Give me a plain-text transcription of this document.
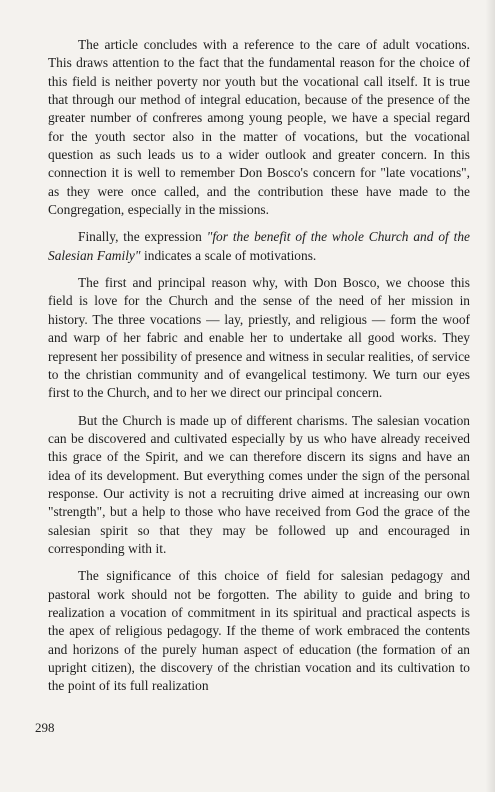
The article concludes with a reference to the care of adult vocations. This draws attention to the fact that the fundamental reason for the choice of this field is neither poverty nor youth but the vocational call itself. It is true that through our method of integral education, because of the presence of the greater number of confreres among young people, we have a special regard for the youth sector also in the matter of vocations, but the vocational question as such leads us to a wider outlook and greater concern. In this connection it is well to remember Don Bosco's concern for "late vocations", as they were once called, and the contribution these have made to the Congregation, especially in the missions.

Finally, the expression "for the benefit of the whole Church and of the Salesian Family" indicates a scale of motivations.

The first and principal reason why, with Don Bosco, we choose this field is love for the Church and the sense of the need of her mission in history. The three vocations — lay, priestly, and religious — form the woof and warp of her fabric and enable her to undertake all good works. They represent her possibility of presence and witness in secular realities, of service to the christian community and of evangelical testimony. We turn our eyes first to the Church, and to her we direct our principal concern.

But the Church is made up of different charisms. The salesian vocation can be discovered and cultivated especially by us who have already received this grace of the Spirit, and we can therefore discern its signs and have an idea of its development. But everything comes under the sign of the personal response. Our activity is not a recruiting drive aimed at increasing our own "strength", but a help to those who have received from God the grace of the salesian spirit so that they may be followed up and encouraged in corresponding with it.

The significance of this choice of field for salesian pedagogy and pastoral work should not be forgotten. The ability to guide and bring to realization a vocation of commitment in its spiritual and practical aspects is the apex of religious pedagogy. If the theme of work embraced the contents and horizons of the purely human aspect of education (the formation of an upright citizen), the discovery of the christian vocation and its cultivation to the point of its full realization

298
